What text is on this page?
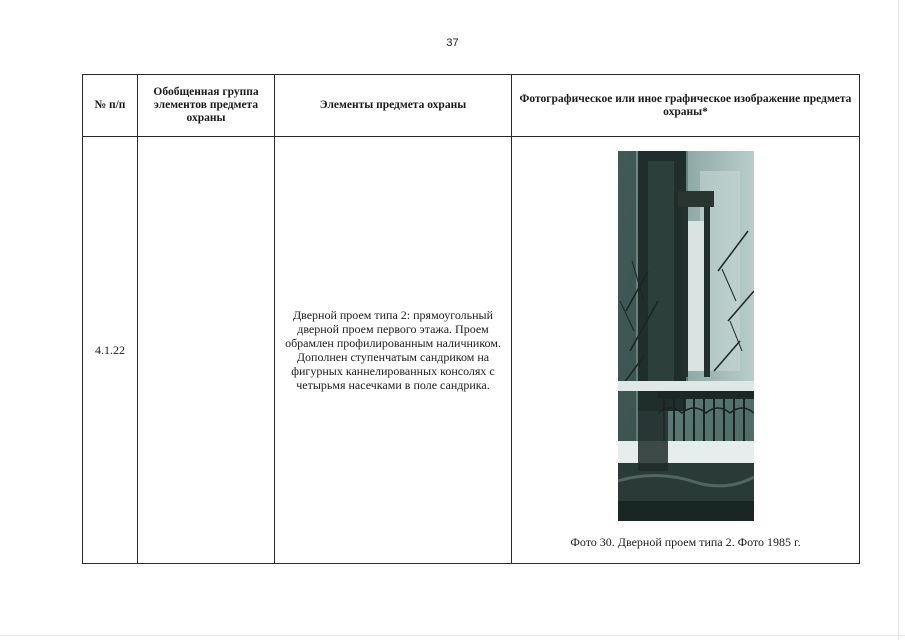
37
№ п/п	Обобщенная группа элементов предмета охраны	Элементы предмета охраны	Фотографическое или иное графическое изображение предмета охраны*
4.1.22		Дверной проем типа 2: прямоугольный дверной проем первого этажа. Проем обрамлен профилированным наличником. Дополнен ступенчатым сандриком на фигурных каннелированных консолях с четырьмя насечками в поле сандрика.	Фото 30. Дверной проем типа 2. Фото 1985 г.
